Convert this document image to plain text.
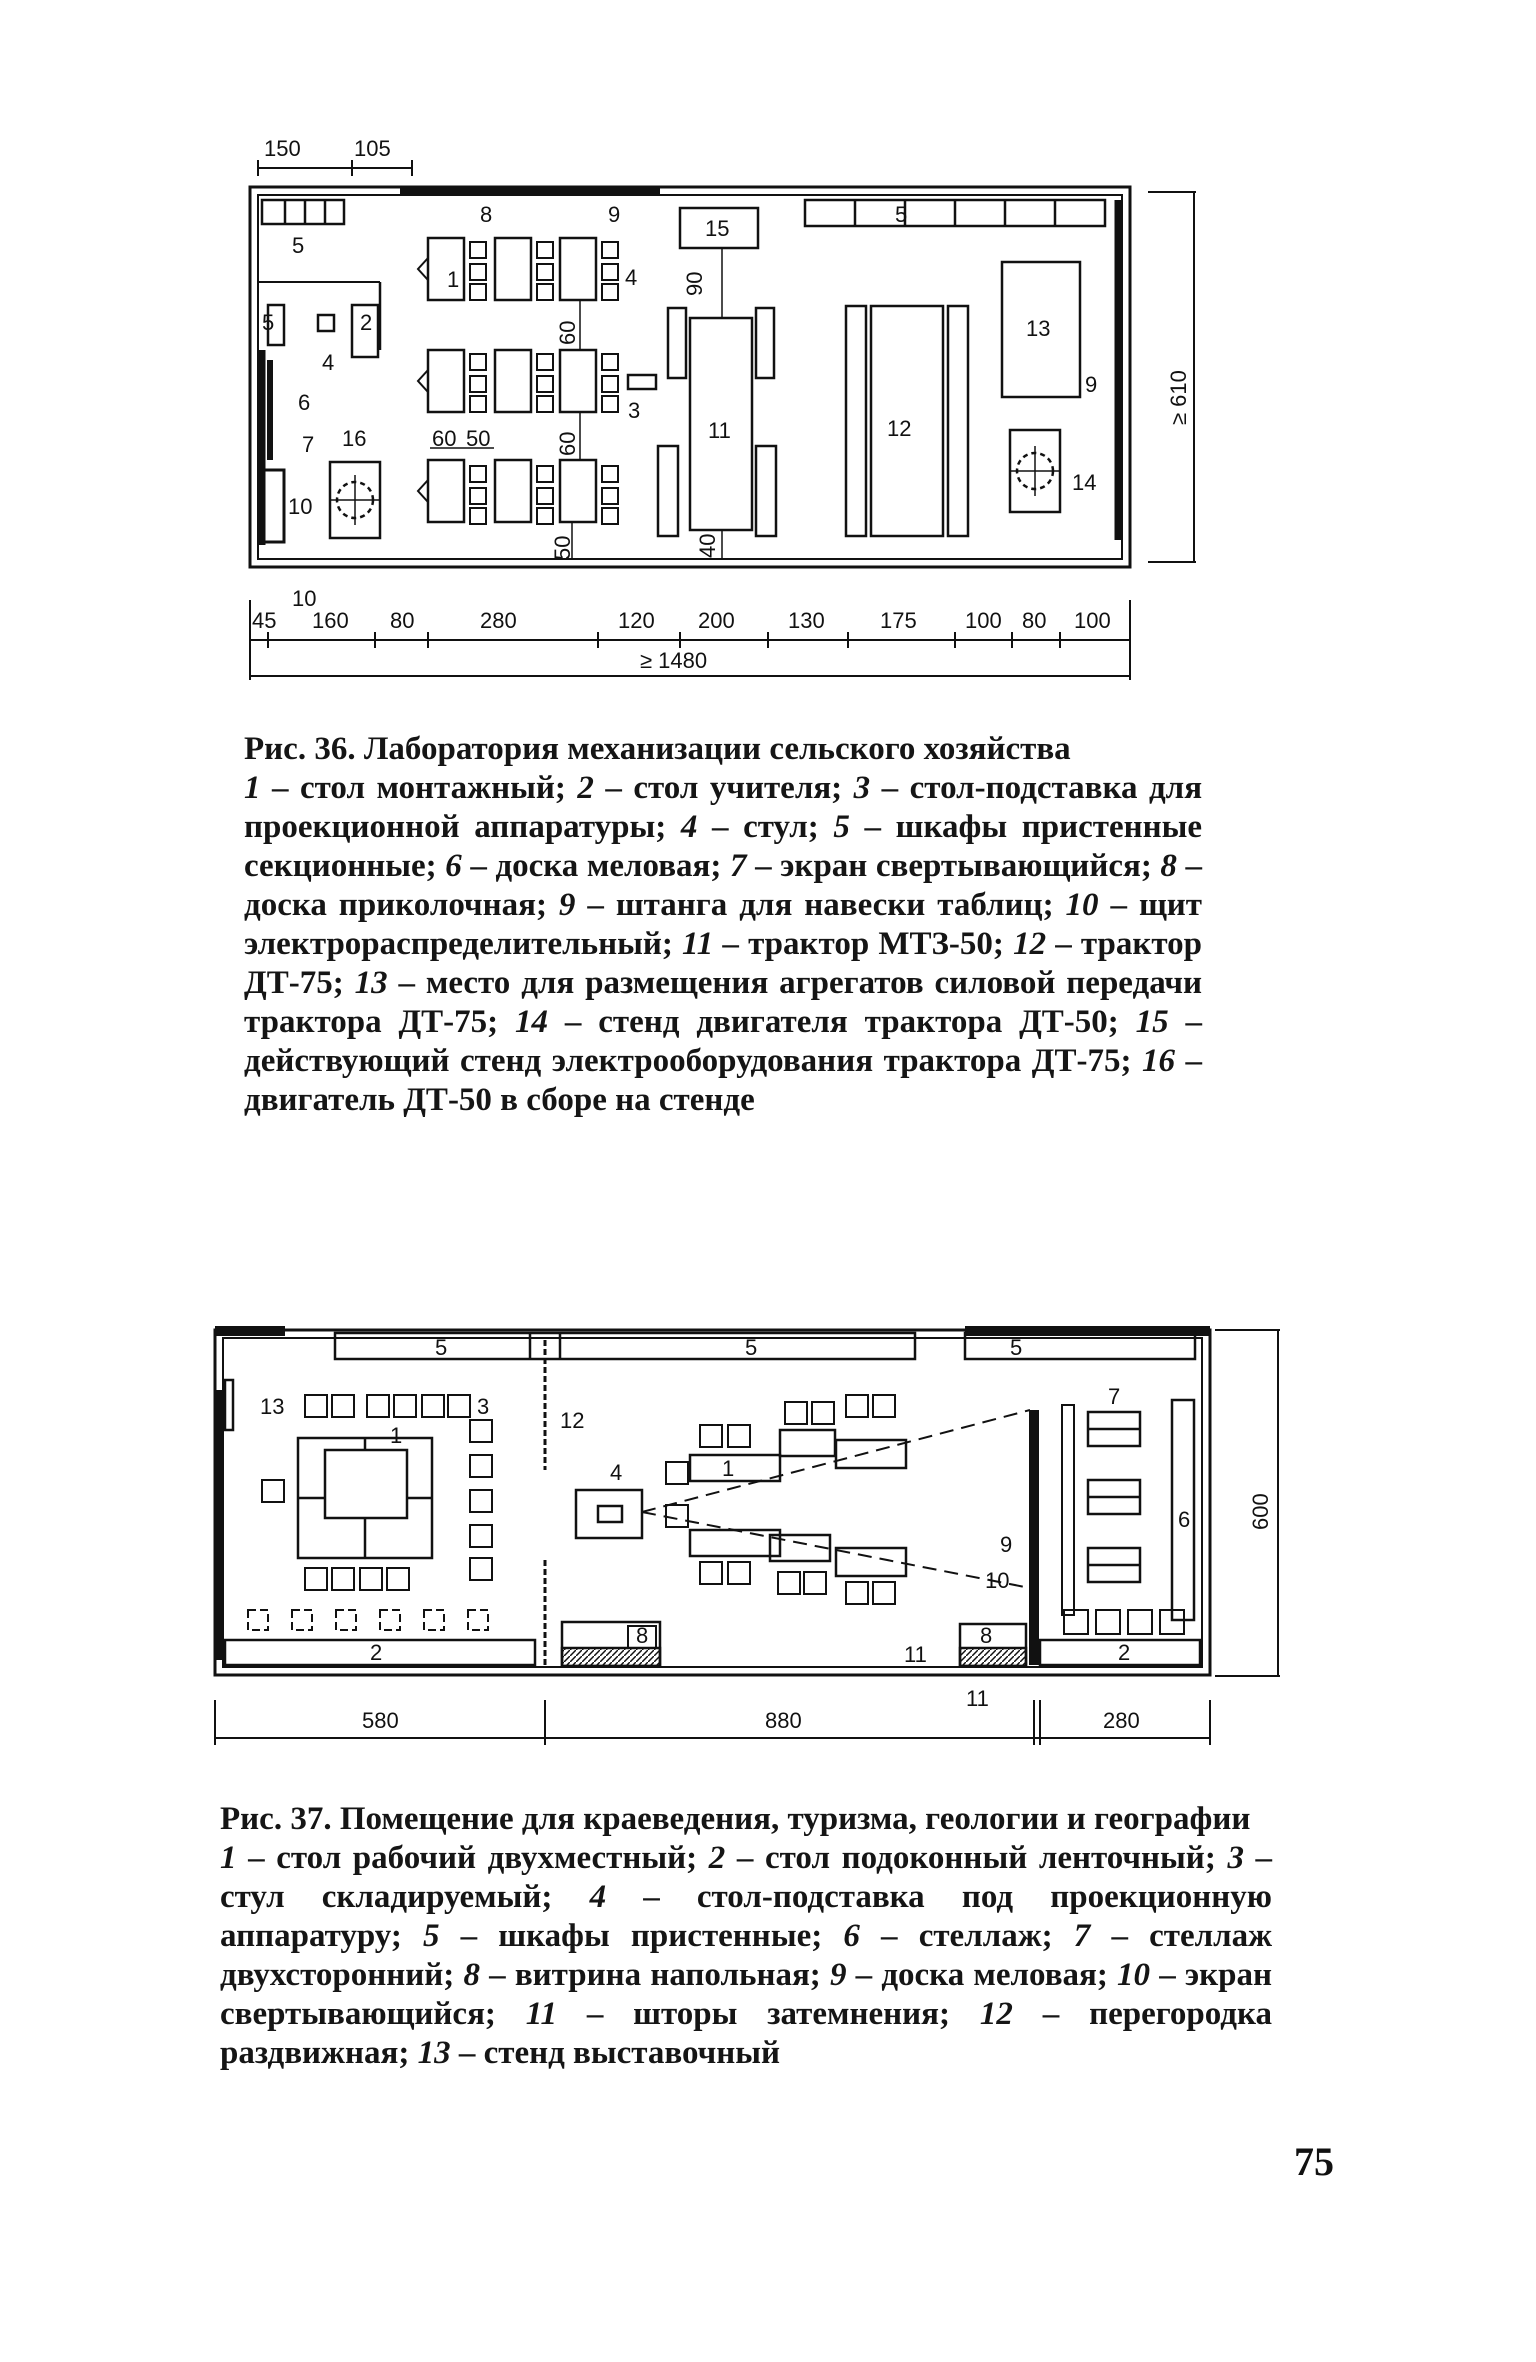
1
2
3
4
4
5
5
5
6
7
8	9
9
10
11	12
13
14
15
16
90
60
60
60 50
50	40
150 105
≥ 610
10
45 160 80	280	120 200 130	175 100 80 100
≥ 1480
1
1
2	2
3
4
5	5	5
6
7
8	8
9
10
11
11
12
13
600
580	880	280

Рис. 36. Лаборатория механизации сельского хозяйства

1 – стол монтажный; 2 – стол учителя; 3 – стол-подставка для проекционной аппаратуры; 4 – стул; 5 – шкафы пристенные секционные; 6 – доска меловая; 7 – экран свертывающийся; 8 – доска приколочная; 9 – штанга для навески таблиц; 10 – щит электрораспределительный; 11 – трактор МТЗ-50; 12 – трактор ДТ-75; 13 – место для размещения агрегатов силовой передачи трактора ДТ-75; 14 – стенд двигателя трактора ДТ-50; 15 – действующий стенд электрооборудования трактора ДТ-75; 16 – двигатель ДТ-50 в сборе на стенде

Рис. 37. Помещение для краеведения, туризма, геологии и географии

1 – стол рабочий двухместный; 2 – стол подоконный ленточный; 3 – стул складируемый; 4 – стол-подставка под проекционную аппаратуру; 5 – шкафы пристенные; 6 – стеллаж; 7 – стеллаж двухсторонний; 8 – витрина напольная; 9 – доска меловая; 10 – экран свертывающийся; 11 – шторы затемнения; 12 – перегородка раздвижная; 13 – стенд выставочный

75
